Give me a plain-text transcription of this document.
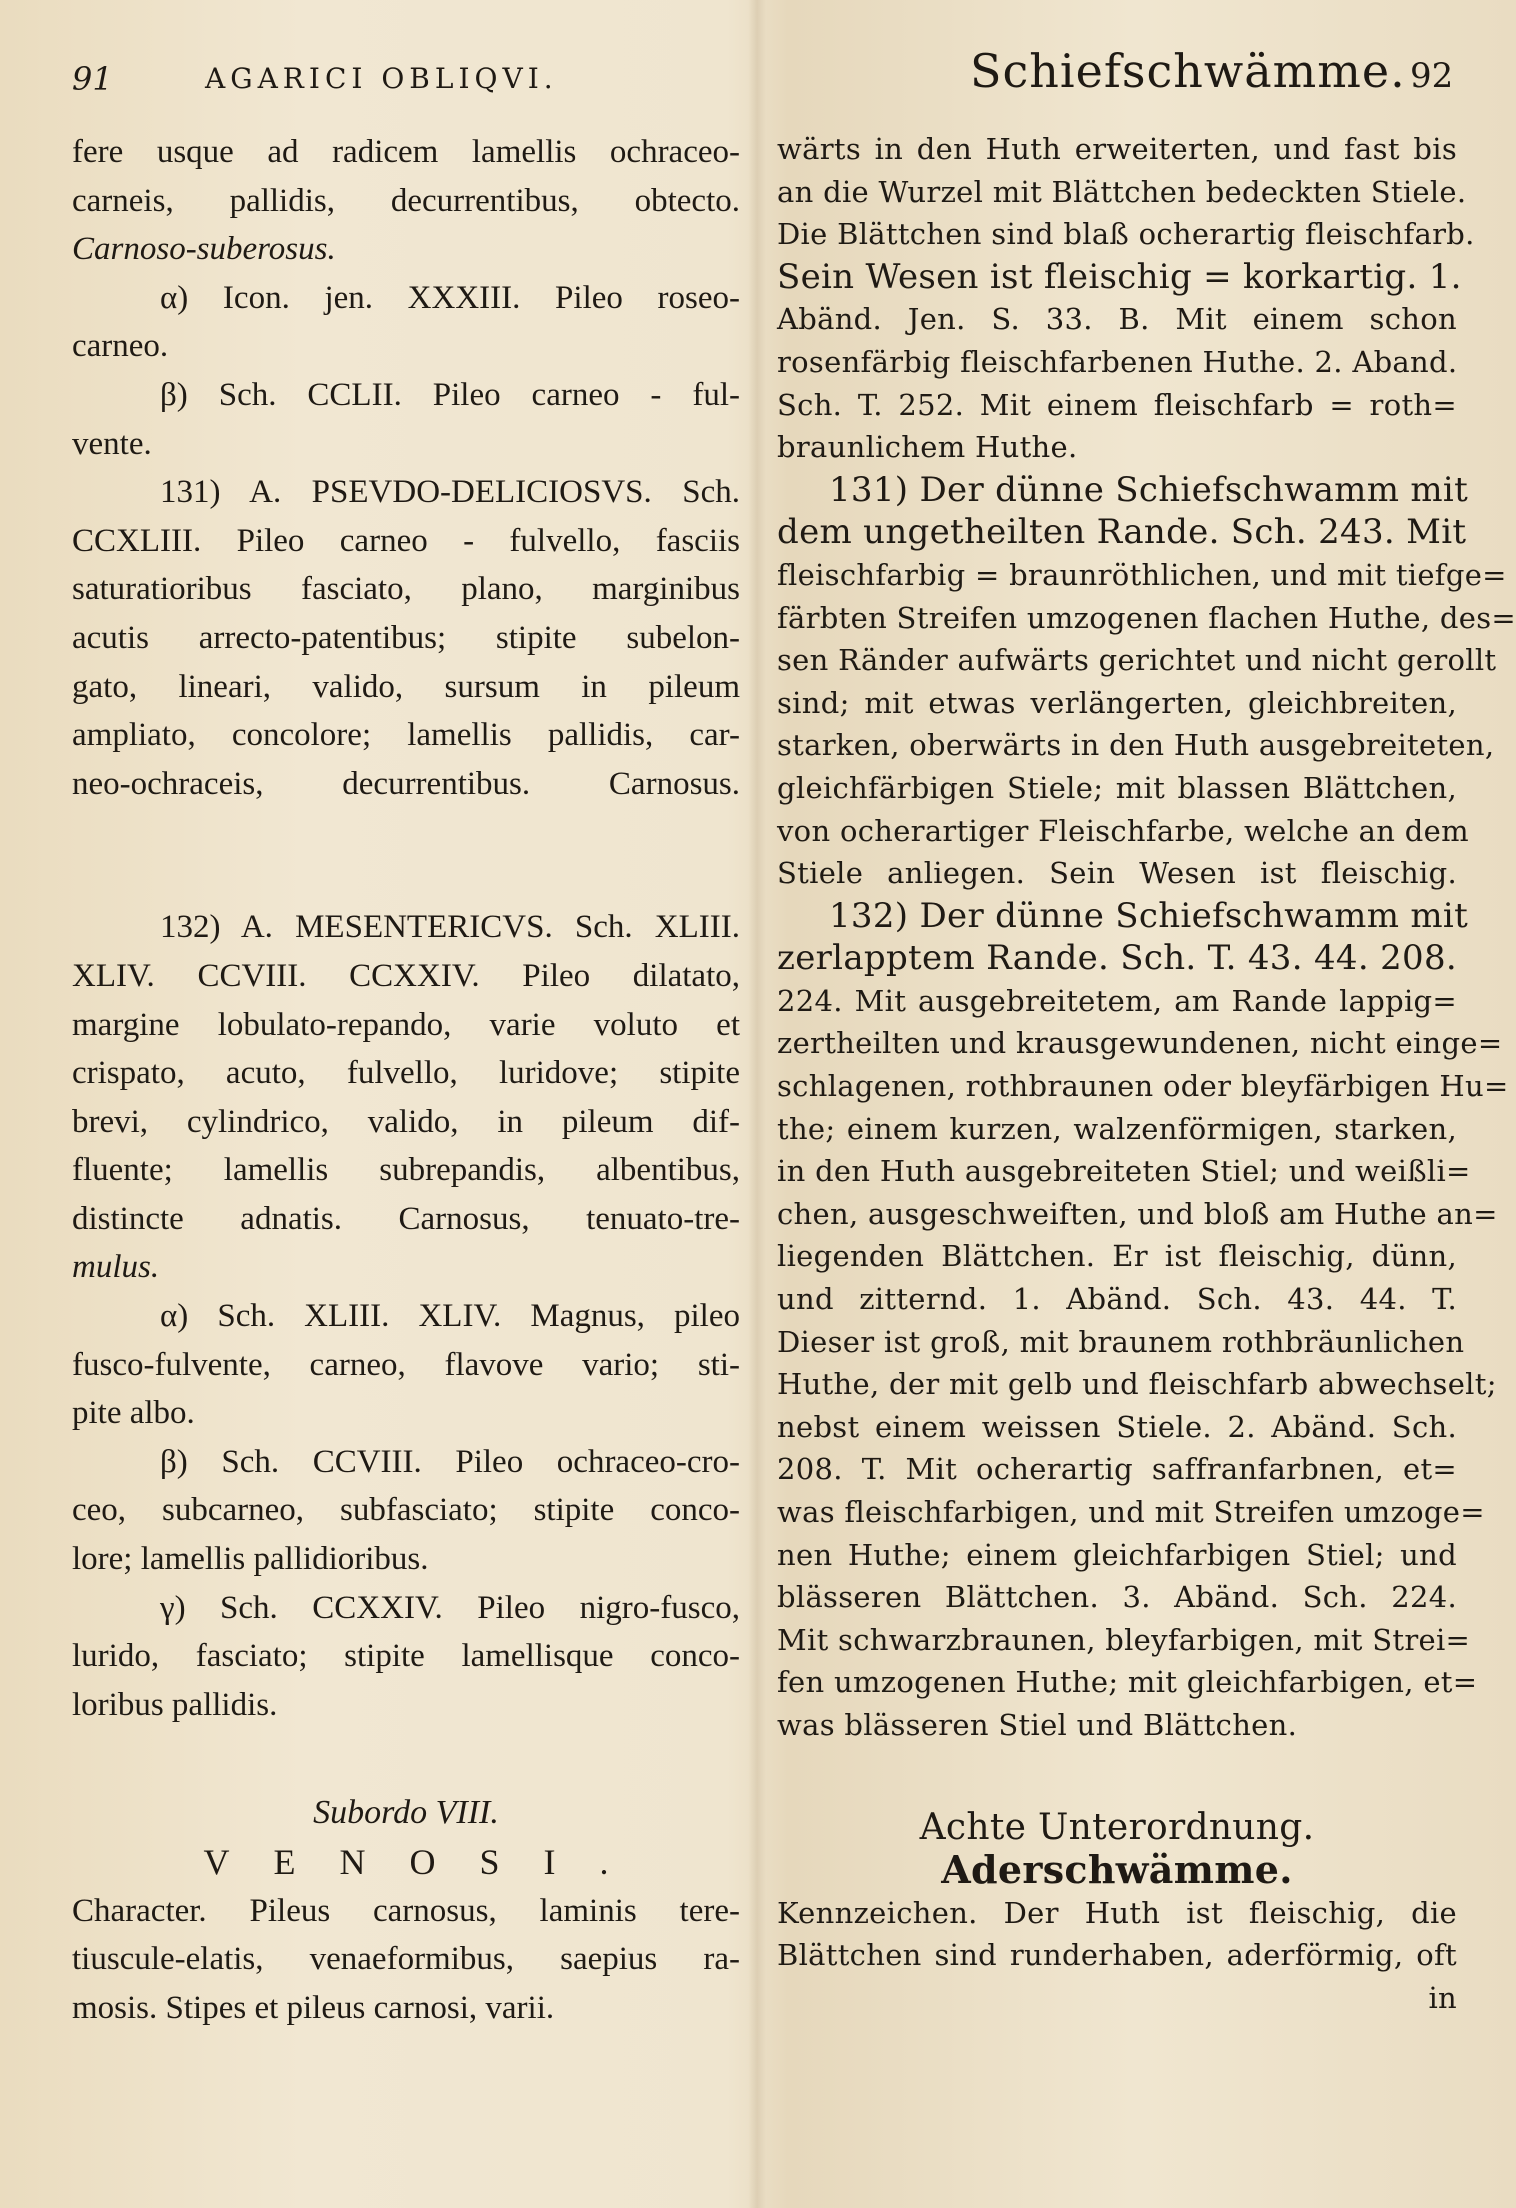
91	AGARICI OBLIQVI.	Schiefschwämme. 92
fere usque ad radicem lamellis ochraceo-
carneis, pallidis, decurrentibus, obtecto.
Carnoso-suberosus.
α) Icon. jen. XXXIII. Pileo roseo-
carneo.
β) Sch. CCLII. Pileo carneo - ful-
vente.
131) A. PSEVDO-DELICIOSVS. Sch.
CCXLIII. Pileo carneo - fulvello, fasciis
saturatioribus fasciato, plano, marginibus
acutis arrecto-patentibus; stipite subelon-
gato, lineari, valido, sursum in pileum
ampliato, concolore; lamellis pallidis, car-
neo-ochraceis, decurrentibus. Carnosus.
132) A. MESENTERICVS. Sch. XLIII.
XLIV. CCVIII. CCXXIV. Pileo dilatato,
margine lobulato-repando, varie voluto et
crispato, acuto, fulvello, luridove; stipite
brevi, cylindrico, valido, in pileum dif-
fluente; lamellis subrepandis, albentibus,
distincte adnatis. Carnosus, tenuato-tre-
mulus.
α) Sch. XLIII. XLIV. Magnus, pileo
fusco-fulvente, carneo, flavove vario; sti-
pite albo.
β) Sch. CCVIII. Pileo ochraceo-cro-
ceo, subcarneo, subfasciato; stipite conco-
lore; lamellis pallidioribus.
γ) Sch. CCXXIV. Pileo nigro-fusco,
lurido, fasciato; stipite lamellisque conco-
loribus pallidis.
Subordo VIII.
VENOSI.
Character. Pileus carnosus, laminis tere-
tiuscule-elatis, venaeformibus, saepius ra-
mosis. Stipes et pileus carnosi, varii.
wärts in den Huth erweiterten, und fast bis
an die Wurzel mit Blättchen bedeckten Stiele.
Die Blättchen sind blaß ocherartig fleischfarb.
Sein Wesen ist fleischig = korkartig. 1.
Abänd. Jen. S. 33. B. Mit einem schon
rosenfärbig fleischfarbenen Huthe. 2. Aband.
Sch. T. 252. Mit einem fleischfarb = roth=
braunlichem Huthe.
131) Der dünne Schiefschwamm mit
dem ungetheilten Rande. Sch. 243. Mit
fleischfarbig = braunröthlichen, und mit tiefge=
färbten Streifen umzogenen flachen Huthe, des=
sen Ränder aufwärts gerichtet und nicht gerollt
sind; mit etwas verlängerten, gleichbreiten,
starken, oberwärts in den Huth ausgebreiteten,
gleichfärbigen Stiele; mit blassen Blättchen,
von ocherartiger Fleischfarbe, welche an dem
Stiele anliegen. Sein Wesen ist fleischig.
132) Der dünne Schiefschwamm mit
zerlapptem Rande. Sch. T. 43. 44. 208.
224. Mit ausgebreitetem, am Rande lappig=
zertheilten und krausgewundenen, nicht einge=
schlagenen, rothbraunen oder bleyfärbigen Hu=
the; einem kurzen, walzenförmigen, starken,
in den Huth ausgebreiteten Stiel; und weißli=
chen, ausgeschweiften, und bloß am Huthe an=
liegenden Blättchen. Er ist fleischig, dünn,
und zitternd. 1. Abänd. Sch. 43. 44. T.
Dieser ist groß, mit braunem rothbräunlichen
Huthe, der mit gelb und fleischfarb abwechselt;
nebst einem weissen Stiele. 2. Abänd. Sch.
208. T. Mit ocherartig saffranfarbnen, et=
was fleischfarbigen, und mit Streifen umzoge=
nen Huthe; einem gleichfarbigen Stiel; und
blässeren Blättchen. 3. Abänd. Sch. 224.
Mit schwarzbraunen, bleyfarbigen, mit Strei=
fen umzogenen Huthe; mit gleichfarbigen, et=
was blässeren Stiel und Blättchen.
Achte Unterordnung.
Aderschwämme.
Kennzeichen. Der Huth ist fleischig, die
Blättchen sind runderhaben, aderförmig, oft
in
